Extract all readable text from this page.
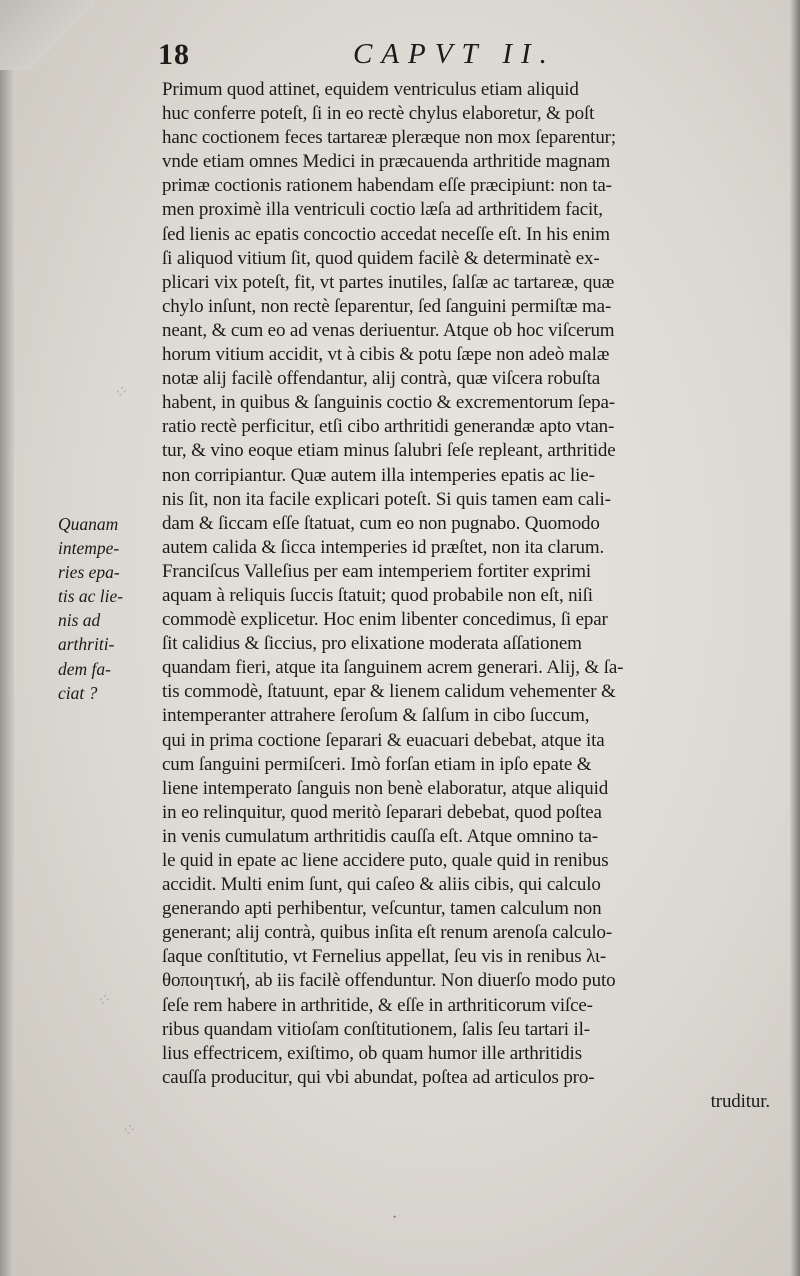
⁘
⁘
⁘
18	CAPVT II.
Quanam
intempe-
ries epa-
tis ac lie-
nis ad
arthriti-
dem fa-
ciat ?
Primum quod attinet, equidem ventriculus etiam aliquid
huc conferre poteſt, ſi in eo rectè chylus elaboretur, & poſt
hanc coctionem feces tartareæ pleræque non mox ſeparentur;
vnde etiam omnes Medici in præcauenda arthritide magnam
primæ coctionis rationem habendam eſſe præcipiunt: non ta-
men proximè illa ventriculi coctio læſa ad arthritidem facit,
ſed lienis ac epatis concoctio accedat neceſſe eſt. In his enim
ſi aliquod vitium ſit, quod quidem facilè & determinatè ex-
plicari vix poteſt, fit, vt partes inutiles, ſalſæ ac tartareæ, quæ
chylo inſunt, non rectè ſeparentur, ſed ſanguini permiſtæ ma-
neant, & cum eo ad venas deriuentur. Atque ob hoc viſcerum
horum vitium accidit, vt à cibis & potu ſæpe non adeò malæ
notæ alij facilè offendantur, alij contrà, quæ viſcera robuſta
habent, in quibus & ſanguinis coctio & excrementorum ſepa-
ratio rectè perficitur, etſi cibo arthritidi generandæ apto vtan-
tur, & vino eoque etiam minus ſalubri ſeſe repleant, arthritide
non corripiantur. Quæ autem illa intemperies epatis ac lie-
nis ſit, non ita facile explicari poteſt. Si quis tamen eam cali-
dam & ſiccam eſſe ſtatuat, cum eo non pugnabo. Quomodo
autem calida & ſicca intemperies id præſtet, non ita clarum.
Franciſcus Valleſius per eam intemperiem fortiter exprimi
aquam à reliquis ſuccis ſtatuit; quod probabile non eſt, niſi
commodè explicetur. Hoc enim libenter concedimus, ſi epar
ſit calidius & ſiccius, pro elixatione moderata aſſationem
quandam fieri, atque ita ſanguinem acrem generari. Alij, & ſa-
tis commodè, ſtatuunt, epar & lienem calidum vehementer &
intemperanter attrahere ſeroſum & ſalſum in cibo ſuccum,
qui in prima coctione ſeparari & euacuari debebat, atque ita
cum ſanguini permiſceri. Imò forſan etiam in ipſo epate &
liene intemperato ſanguis non benè elaboratur, atque aliquid
in eo relinquitur, quod meritò ſeparari debebat, quod poſtea
in venis cumulatum arthritidis cauſſa eſt. Atque omnino ta-
le quid in epate ac liene accidere puto, quale quid in renibus
accidit. Multi enim ſunt, qui caſeo & aliis cibis, qui calculo
generando apti perhibentur, veſcuntur, tamen calculum non
generant; alij contrà, quibus inſita eſt renum arenoſa calculo-
ſaque conſtitutio, vt Fernelius appellat, ſeu vis in renibus λι-
θοποιητική, ab iis facilè offenduntur. Non diuerſo modo puto
ſeſe rem habere in arthritide, & eſſe in arthriticorum viſce-
ribus quandam vitioſam conſtitutionem, ſalis ſeu tartari il-
lius effectricem, exiſtimo, ob quam humor ille arthritidis
cauſſa producitur, qui vbi abundat, poſtea ad articulos pro-
truditur.
·
